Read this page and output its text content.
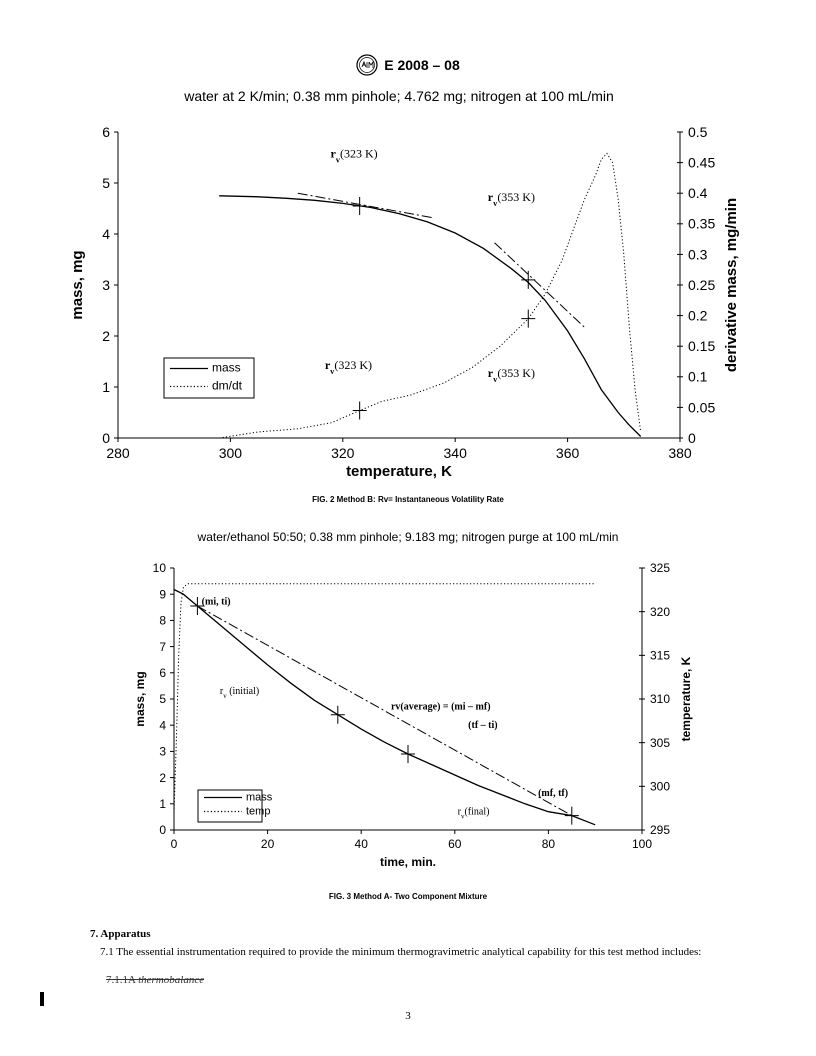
E 2008 – 08
water at 2 K/min; 0.38 mm pinhole; 4.762 mg; nitrogen at 100 mL/min
280	300	320	340	360	380
0
1
2
3
4
5
6
0
0.05
0.1
0.15
0.2
0.25
0.3
0.35
0.4
0.45
0.5
temperature, K
mass, mg	derivative mass, mg/min
$r_v(323$ K)
$r_v(353$ K)
$r_v(323$ K)
$r_v(353$ K)
mass
dm/dt
FIG. 2 Method B: Rv= Instantaneous Volatility Rate
water/ethanol 50:50; 0.38 mm pinhole; 9.183 mg; nitrogen purge at 100 mL/min
0	20	40	60	80	100
0
1
2
3
4
5
6
7
8
9
10
295
300
305
310
315
320
325
time, min.
mass, mg	temperature, K
(mi, ti)
$r_v$ (initial)
rv(average) = (mi – mf)
(tf – ti)
(mf, tf)
$r_v(final)$
mass
temp
FIG. 3 Method A- Two Component Mixture
7. Apparatus
7.1 The essential instrumentation required to provide the minimum thermogravimetric analytical capability for this test method includes:
7.1.1A thermobalance
3
